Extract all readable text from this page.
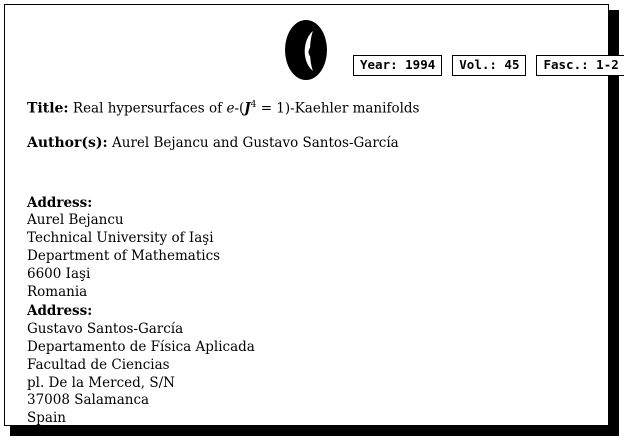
Year: 1994	Vol.: 45	Fasc.: 1-2
Title: Real hypersurfaces of $e-(J^4$ = 1)-Kaehler manifolds
Author(s): Aurel Bejancu and Gustavo Santos-García
Address:
Aurel Bejancu
Technical University of Iaşi
Department of Mathematics
6600 Iaşi
Romania
Address:
Gustavo Santos-García
Departamento de Física Aplicada
Facultad de Ciencias
pl. De la Merced, S/N
37008 Salamanca
Spain
